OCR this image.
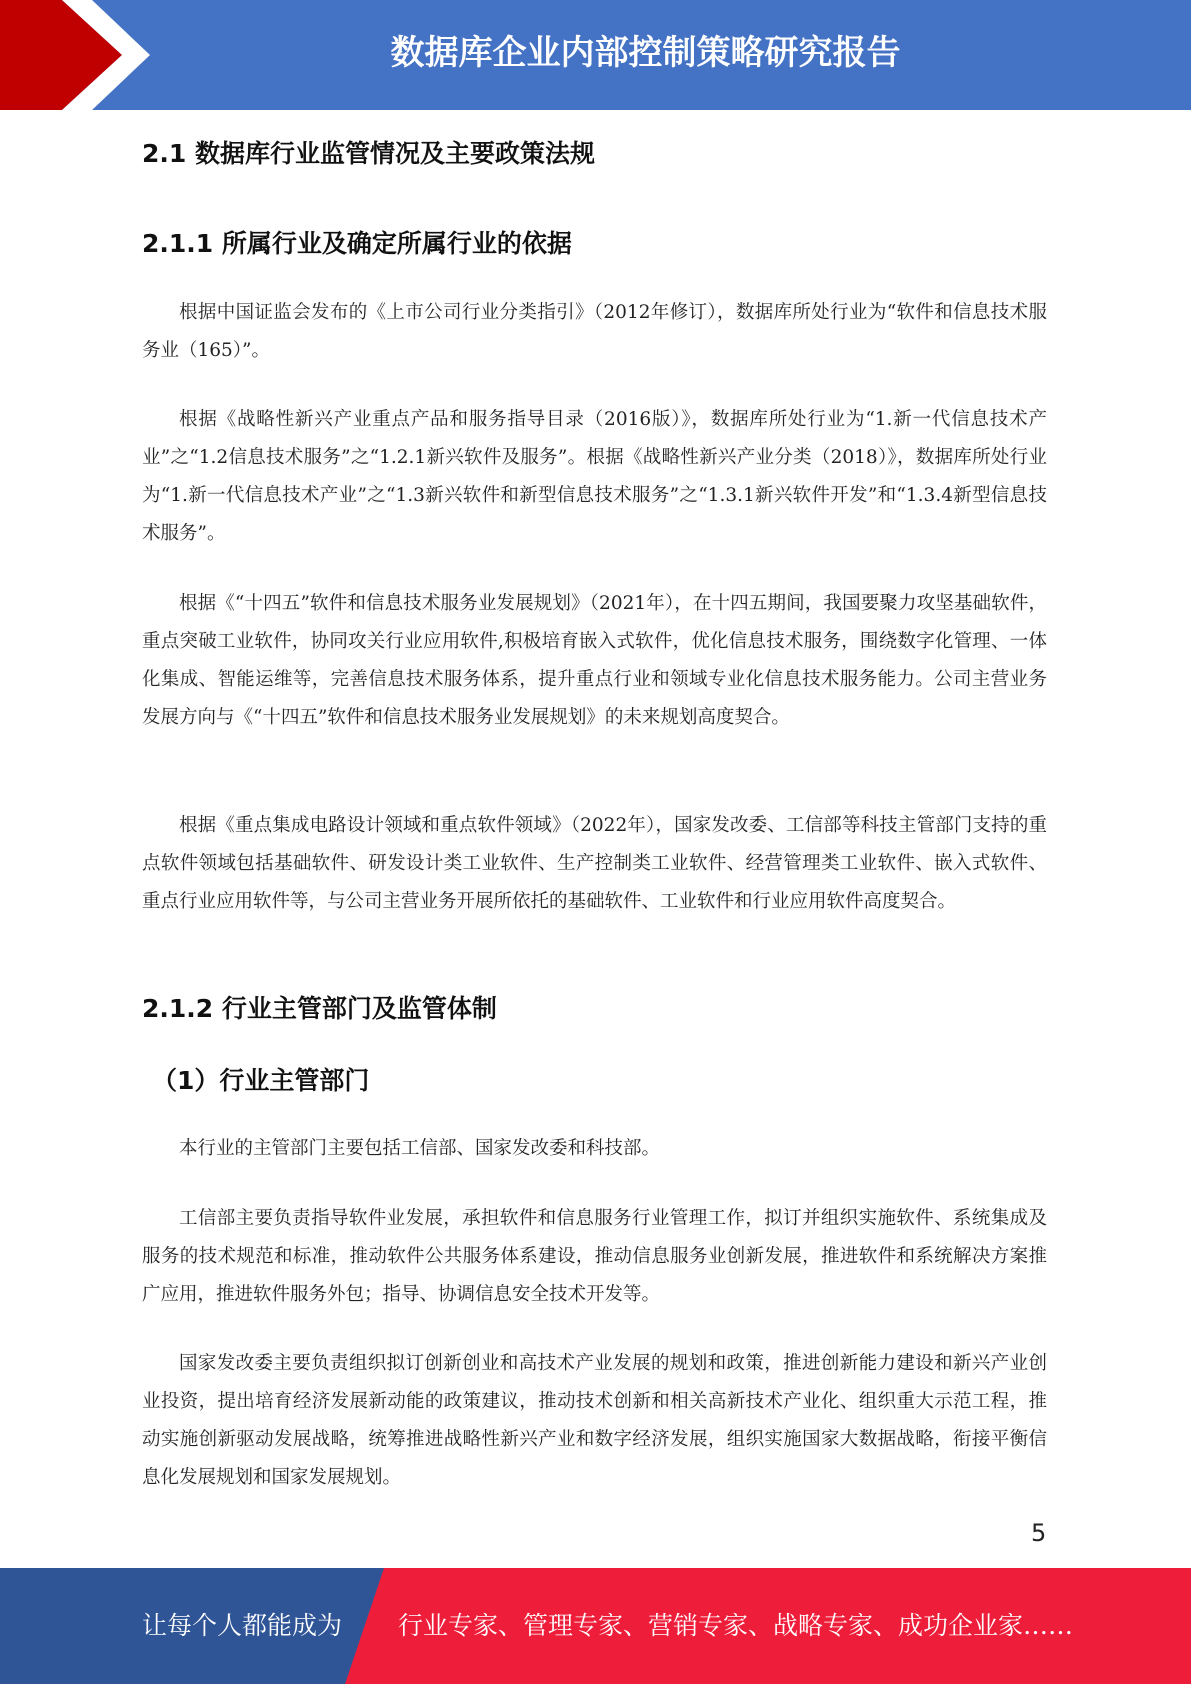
数据库企业内部控制策略研究报告
2.1 数据库行业监管情况及主要政策法规
2.1.1 所属行业及确定所属行业的依据

根据中国证监会发布的《上市公司行业分类指引》（2012年修订），数据库所处行业为“软件和信息技术服务业（165）”。

根据《战略性新兴产业重点产品和服务指导目录（2016版）》，数据库所处行业为“1.新一代信息技术产业”之“1.2信息技术服务”之“1.2.1新兴软件及服务”。根据《战略性新兴产业分类（2018）》，数据库所处行业为“1.新一代信息技术产业”之“1.3新兴软件和新型信息技术服务”之“1.3.1新兴软件开发”和“1.3.4新型信息技术服务”。

根据《“十四五”软件和信息技术服务业发展规划》（2021年），在十四五期间，我国要聚力攻坚基础软件，重点突破工业软件，协同攻关行业应用软件,积极培育嵌入式软件，优化信息技术服务，围绕数字化管理、一体化集成、智能运维等，完善信息技术服务体系，提升重点行业和领域专业化信息技术服务能力。公司主营业务发展方向与《“十四五”软件和信息技术服务业发展规划》的未来规划高度契合。

根据《重点集成电路设计领域和重点软件领域》（2022年），国家发改委、工信部等科技主管部门支持的重点软件领域包括基础软件、研发设计类工业软件、生产控制类工业软件、经营管理类工业软件、嵌入式软件、重点行业应用软件等，与公司主营业务开展所依托的基础软件、工业软件和行业应用软件高度契合。

2.1.2 行业主管部门及监管体制
（1）行业主管部门

本行业的主管部门主要包括工信部、国家发改委和科技部。

工信部主要负责指导软件业发展，承担软件和信息服务行业管理工作，拟订并组织实施软件、系统集成及服务的技术规范和标准，推动软件公共服务体系建设，推动信息服务业创新发展，推进软件和系统解决方案推广应用，推进软件服务外包；指导、协调信息安全技术开发等。

国家发改委主要负责组织拟订创新创业和高技术产业发展的规划和政策，推进创新能力建设和新兴产业创业投资，提出培育经济发展新动能的政策建议，推动技术创新和相关高新技术产业化、组织重大示范工程，推动实施创新驱动发展战略，统筹推进战略性新兴产业和数字经济发展，组织实施国家大数据战略，衔接平衡信息化发展规划和国家发展规划。

5
让每个人都能成为 行业专家、管理专家、营销专家、战略专家、成功企业家……
